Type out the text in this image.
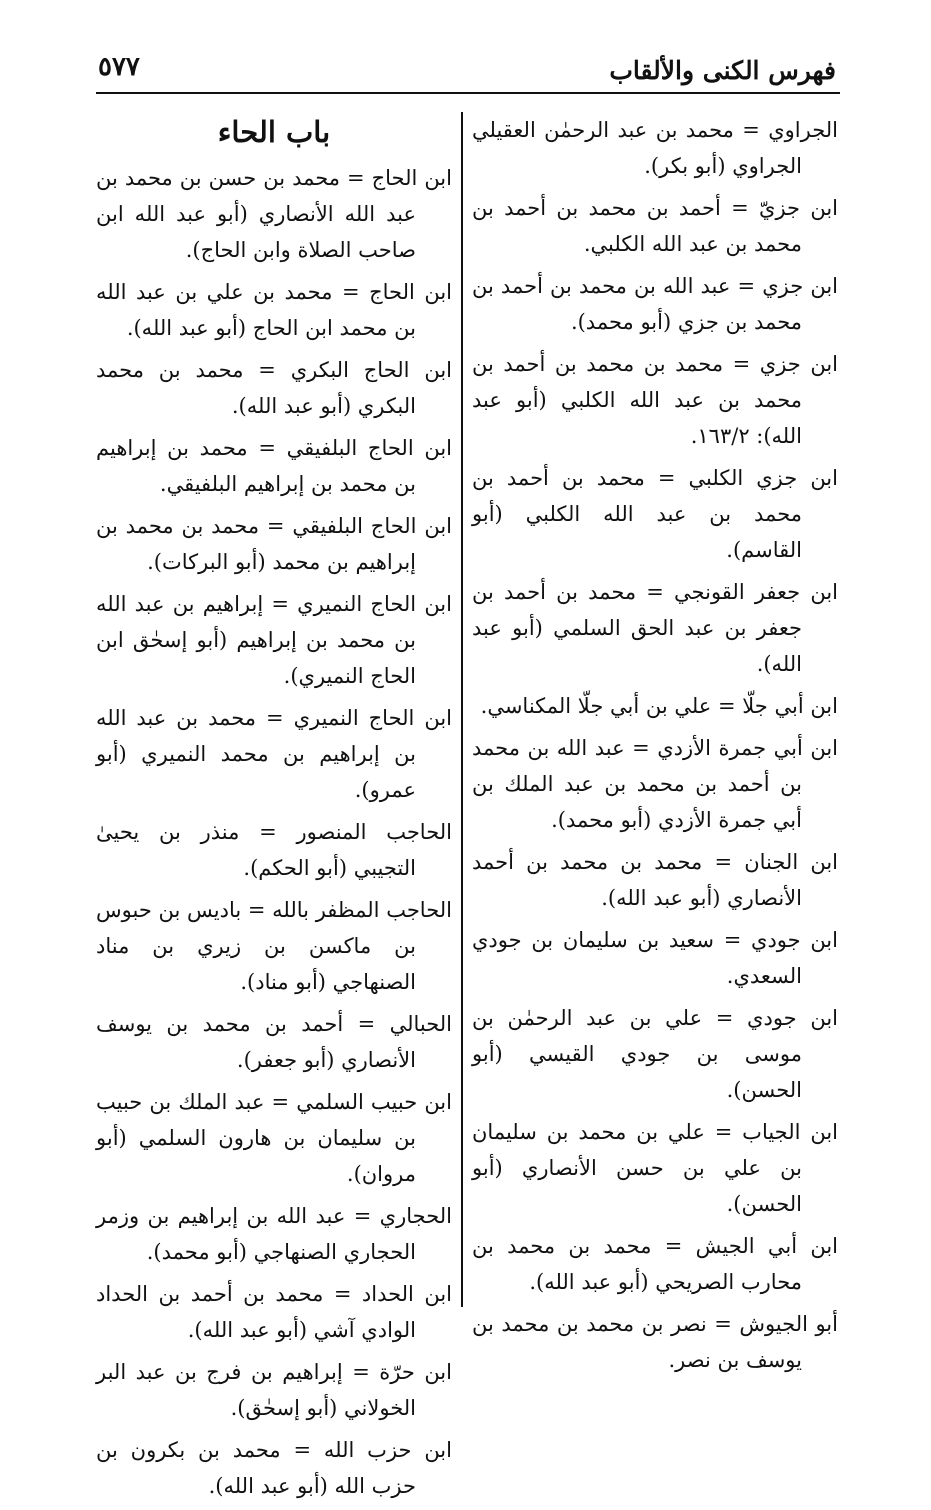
فهرس الكنى والألقاب
٥٧٧

الجراوي = محمد بن عبد الرحمٰن العقيلي الجراوي (أبو بكر).

ابن جزيّ = أحمد بن محمد بن أحمد بن محمد بن عبد الله الكلبي.

ابن جزي = عبد الله بن محمد بن أحمد بن محمد بن جزي (أبو محمد).

ابن جزي = محمد بن محمد بن أحمد بن محمد بن عبد الله الكلبي (أبو عبد الله): ١٦٣/٢.

ابن جزي الكلبي = محمد بن أحمد بن محمد بن عبد الله الكلبي (أبو القاسم).

ابن جعفر القونجي = محمد بن أحمد بن جعفر بن عبد الحق السلمي (أبو عبد الله).

ابن أبي جلّا = علي بن أبي جلّا المكناسي.

ابن أبي جمرة الأزدي = عبد الله بن محمد بن أحمد بن محمد بن عبد الملك بن أبي جمرة الأزدي (أبو محمد).

ابن الجنان = محمد بن محمد بن أحمد الأنصاري (أبو عبد الله).

ابن جودي = سعيد بن سليمان بن جودي السعدي.

ابن جودي = علي بن عبد الرحمٰن بن موسى بن جودي القيسي (أبو الحسن).

ابن الجياب = علي بن محمد بن سليمان بن علي بن حسن الأنصاري (أبو الحسن).

ابن أبي الجيش = محمد بن محمد بن محارب الصريحي (أبو عبد الله).

أبو الجيوش = نصر بن محمد بن محمد بن يوسف بن نصر.

باب الحاء

ابن الحاج = محمد بن حسن بن محمد بن عبد الله الأنصاري (أبو عبد الله ابن صاحب الصلاة وابن الحاج).

ابن الحاج = محمد بن علي بن عبد الله بن محمد ابن الحاج (أبو عبد الله).

ابن الحاج البكري = محمد بن محمد البكري (أبو عبد الله).

ابن الحاج البلفيقي = محمد بن إبراهيم بن محمد بن إبراهيم البلفيقي.

ابن الحاج البلفيقي = محمد بن محمد بن إبراهيم بن محمد (أبو البركات).

ابن الحاج النميري = إبراهيم بن عبد الله بن محمد بن إبراهيم (أبو إسحٰق ابن الحاج النميري).

ابن الحاج النميري = محمد بن عبد الله بن إبراهيم بن محمد النميري (أبو عمرو).

الحاجب المنصور = منذر بن يحيىٰ التجيبي (أبو الحكم).

الحاجب المظفر بالله = باديس بن حبوس بن ماكسن بن زيري بن مناد الصنهاجي (أبو مناد).

الحبالي = أحمد بن محمد بن يوسف الأنصاري (أبو جعفر).

ابن حبيب السلمي = عبد الملك بن حبيب بن سليمان بن هارون السلمي (أبو مروان).

الحجاري = عبد الله بن إبراهيم بن وزمر الحجاري الصنهاجي (أبو محمد).

ابن الحداد = محمد بن أحمد بن الحداد الوادي آشي (أبو عبد الله).

ابن حرّة = إبراهيم بن فرج بن عبد البر الخولاني (أبو إسحٰق).

ابن حزب الله = محمد بن بكرون بن حزب الله (أبو عبد الله).
